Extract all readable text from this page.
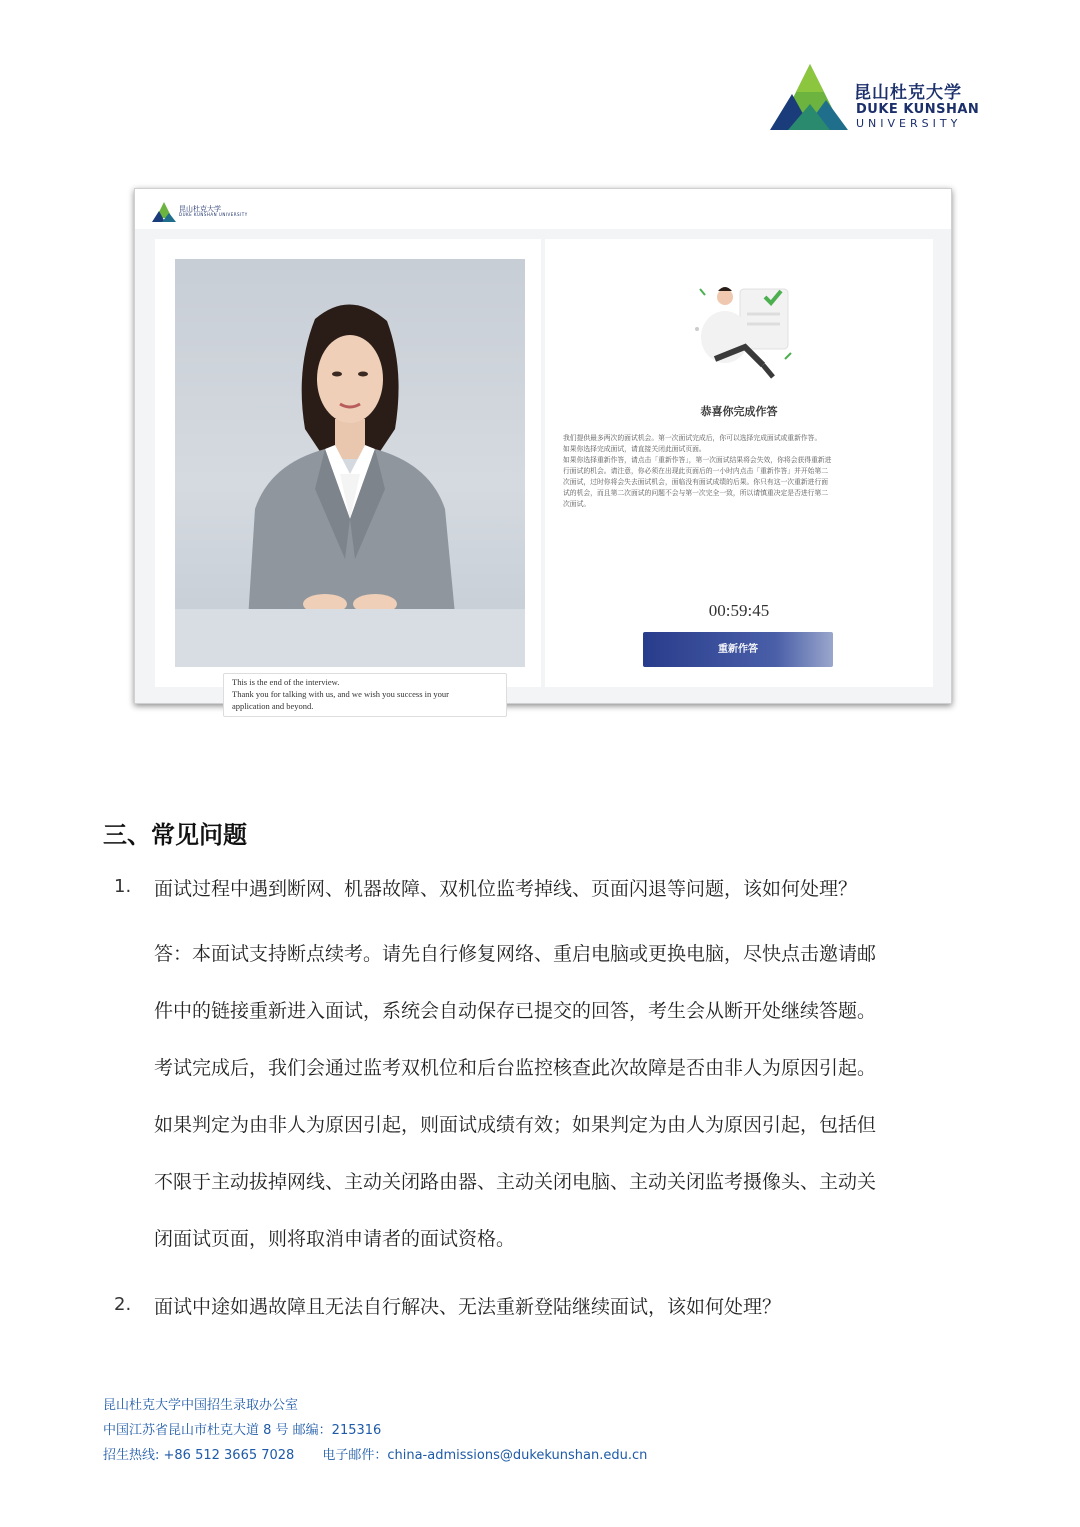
昆山杜克大学
DUKE KUNSHAN
UNIVERSITY
昆山杜克大学
DUKE KUNSHAN UNIVERSITY
This is the end of the interview.
Thank you for talking with us, and we wish you success in your
application and beyond.
恭喜你完成作答
我们提供最多两次的面试机会。第一次面试完成后，你可以选择完成面试或重新作答。
如果你选择完成面试，请直接关闭此面试页面。
如果你选择重新作答，请点击「重新作答」，第一次面试结果将会失效，你将会获得重新进
行面试的机会。请注意，你必须在出现此页面后的一小时内点击「重新作答」并开始第二
次面试，过时你将会失去面试机会，面临没有面试成绩的后果。你只有这一次重新进行面
试的机会，而且第二次面试的问题不会与第一次完全一致，所以请慎重决定是否进行第二
次面试。
00:59:45
重新作答
三、常见问题
1. 面试过程中遇到断网、机器故障、双机位监考掉线、页面闪退等问题，该如何处理？
答：本面试支持断点续考。请先自行修复网络、重启电脑或更换电脑，尽快点击邀请邮
件中的链接重新进入面试，系统会自动保存已提交的回答，考生会从断开处继续答题。
考试完成后，我们会通过监考双机位和后台监控核查此次故障是否由非人为原因引起。
如果判定为由非人为原因引起，则面试成绩有效；如果判定为由人为原因引起，包括但
不限于主动拔掉网线、主动关闭路由器、主动关闭电脑、主动关闭监考摄像头、主动关
闭面试页面，则将取消申请者的面试资格。
2. 面试中途如遇故障且无法自行解决、无法重新登陆继续面试，该如何处理？
昆山杜克大学中国招生录取办公室
中国江苏省昆山市杜克大道 8 号 邮编：215316
招生热线: +86 512 3665 7028 电子邮件：china-admissions@dukekunshan.edu.cn
